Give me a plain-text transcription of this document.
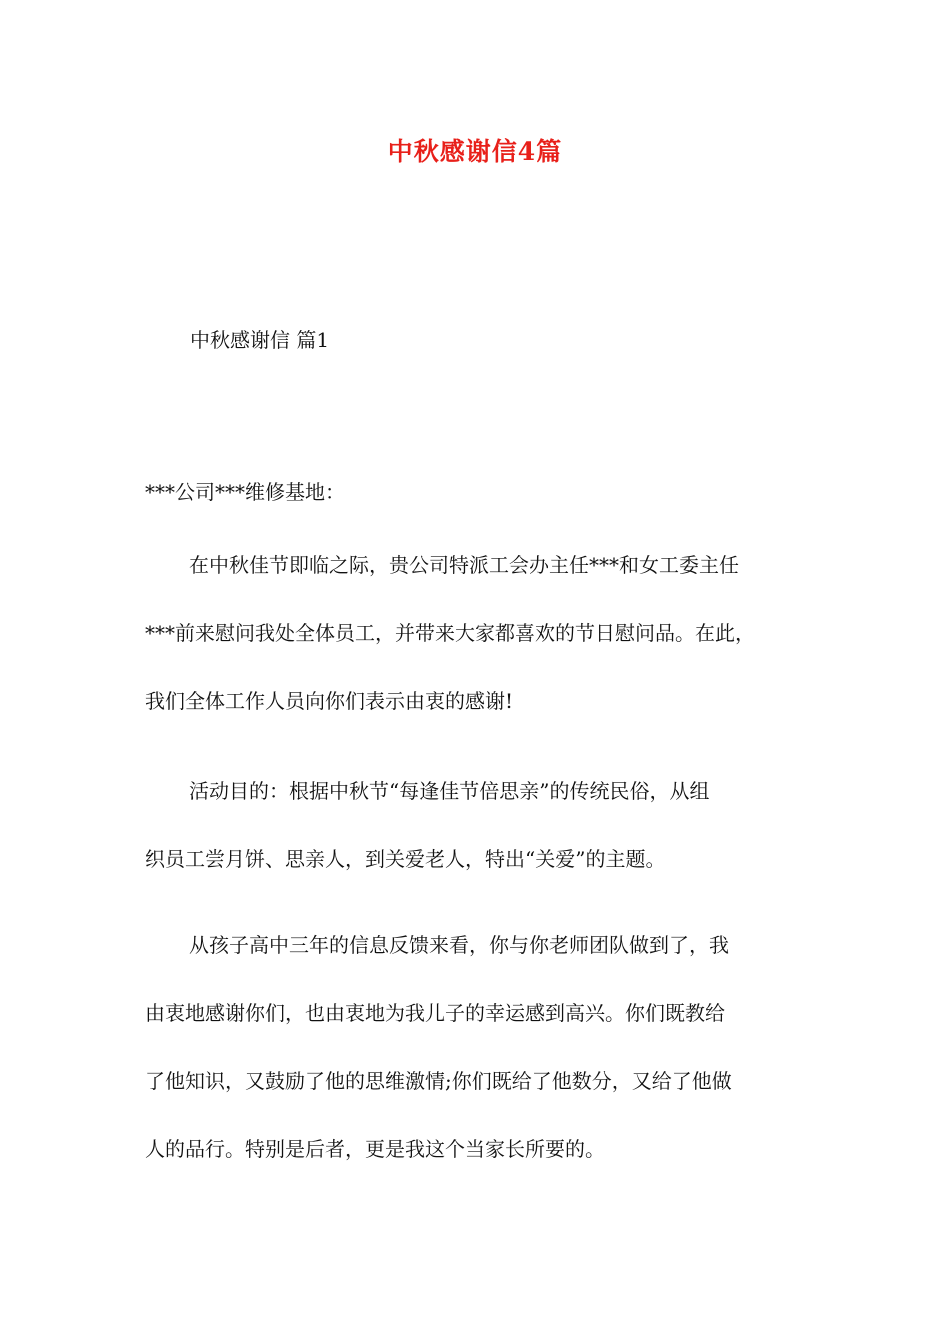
中秋感谢信4篇
中秋感谢信 篇1
***公司***维修基地：
在中秋佳节即临之际，贵公司特派工会办主任***和女工委主任
***前来慰问我处全体员工，并带来大家都喜欢的节日慰问品。在此，
我们全体工作人员向你们表示由衷的感谢!
活动目的：根据中秋节“每逢佳节倍思亲”的传统民俗，从组
织员工尝月饼、思亲人，到关爱老人，特出“关爱”的主题。
从孩子高中三年的信息反馈来看，你与你老师团队做到了，我
由衷地感谢你们，也由衷地为我儿子的幸运感到高兴。你们既教给
了他知识，又鼓励了他的思维激情;你们既给了他数分，又给了他做
人的品行。特别是后者，更是我这个当家长所要的。
